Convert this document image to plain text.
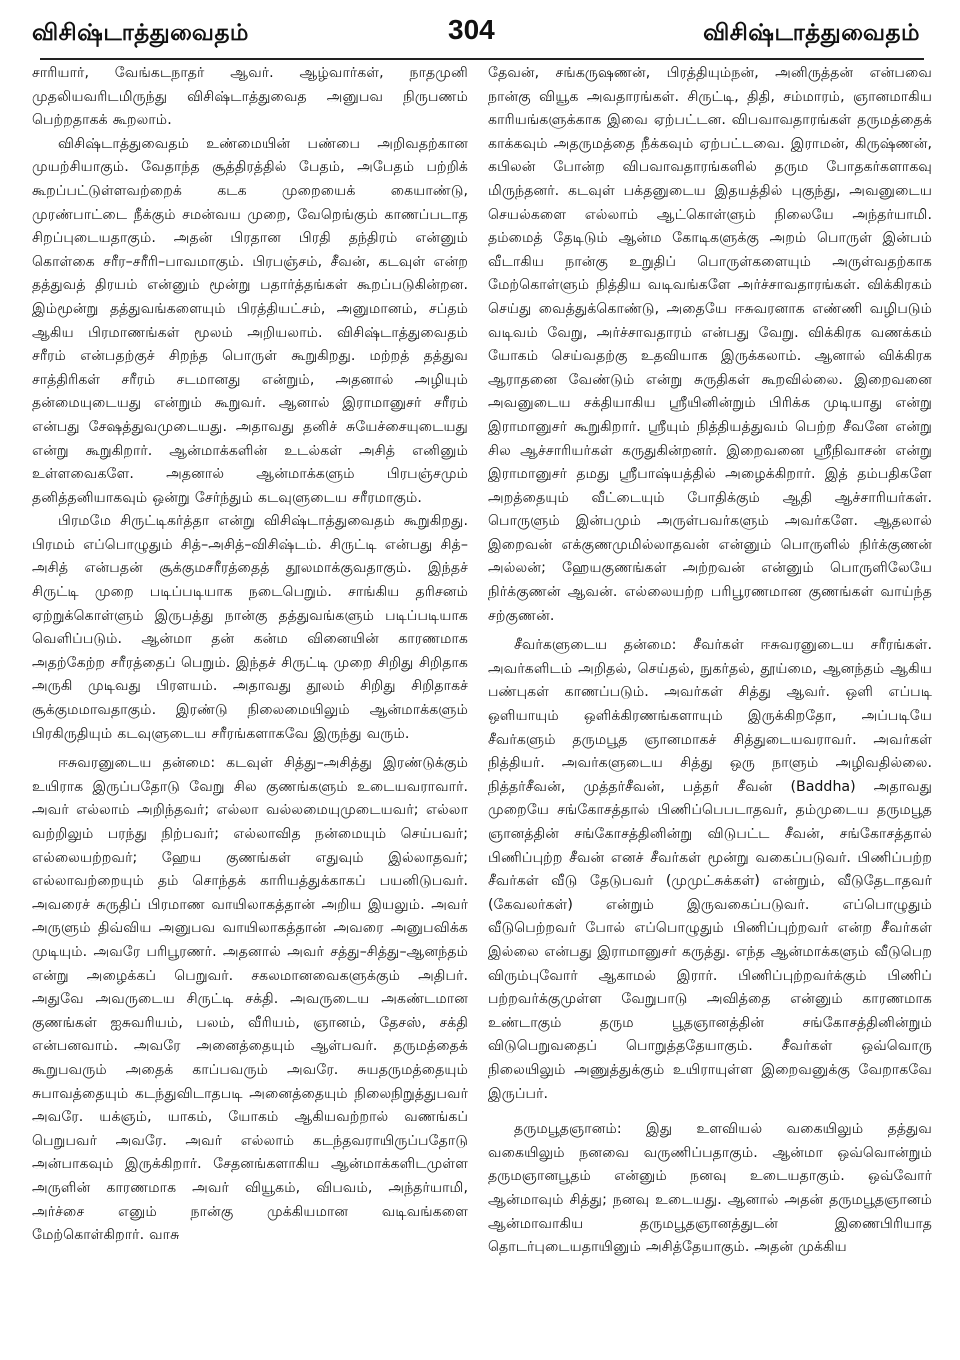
விசிஷ்டாத்துவைதம்	304	விசிஷ்டாத்துவைதம்

சாரியார், வேங்கடநாதர் ஆவர். ஆழ்வார்கள், நாதமுனி முதலியவரிடமிருந்து விசிஷ்டாத்துவைத அனுபவ நிருபணம் பெற்றதாகக் கூறலாம்.

விசிஷ்டாத்துவைதம் உண்மையின் பண்பை அறிவதற்கான முயற்சியாகும். வேதாந்த சூத்திரத்தில் பேதம், அபேதம் பற்றிக் கூறப்பட்டுள்ளவற்றைக் கடக முறையைக் கையாண்டு, முரண்பாட்டை நீக்கும் சமன்வய முறை, வேறெங்கும் காணப்படாத சிறப்புடையதாகும். அதன் பிரதான பிரதி தந்திரம் என்னும் கொள்கை சரீர–சரீரி–பாவமாகும். பிரபஞ்சம், சீவன், கடவுள் என்ற தத்துவத் திரயம் என்னும் மூன்று பதார்த்தங்கள் கூறப்படுகின்றன. இம்மூன்று தத்துவங்களையும் பிரத்தியட்சம், அனுமானம், சப்தம் ஆகிய பிரமாணங்கள் மூலம் அறியலாம். விசிஷ்டாத்துவைதம் சரீரம் என்பதற்குச் சிறந்த பொருள் கூறுகிறது. மற்றத் தத்துவ சாத்திரிகள் சரீரம் சடமானது என்றும், அதனால் அழியும் தன்மையுடையது என்றும் கூறுவர். ஆனால் இராமானுசர் சரீரம் என்பது சேஷத்துவமுடையது. அதாவது தனிச் சுயேச்சையுடையது என்று கூறுகிறார். ஆன்மாக்களின் உடல்கள் அசித் எனினும் உள்ளவைகளே. அதனால் ஆன்மாக்களும் பிரபஞ்சமும் தனித்தனியாகவும் ஒன்று சேர்ந்தும் கடவுளுடைய சரீரமாகும்.

பிரமமே சிருட்டிகர்த்தா என்று விசிஷ்டாத்துவைதம் கூறுகிறது. பிரமம் எப்பொழுதும் சித்–அசித்–விசிஷ்டம். சிருட்டி என்பது சித்–அசித் என்பதன் சூக்குமசரீரத்தைத் தூலமாக்குவதாகும். இந்தச் சிருட்டி முறை படிப்படியாக நடைபெறும். சாங்கிய தரிசனம் ஏற்றுக்கொள்ளும் இருபத்து நான்கு தத்துவங்களும் படிப்படியாக வெளிப்படும். ஆன்மா தன் கன்ம வினையின் காரணமாக அதற்கேற்ற சரீரத்தைப் பெறும். இந்தச் சிருட்டி முறை சிறிது சிறிதாக அருகி முடிவது பிரளயம். அதாவது தூலம் சிறிது சிறிதாகச் சூக்குமமாவதாகும். இரண்டு நிலைமையிலும் ஆன்மாக்களும் பிரகிருதியும் கடவுளுடைய சரீரங்களாகவே இருந்து வரும்.

ஈசுவரனுடைய தன்மை: கடவுள் சித்து–அசித்து இரண்டுக்கும் உயிராக இருப்பதோடு வேறு சில குணங்களும் உடையவராவார். அவர் எல்லாம் அறிந்தவர்; எல்லா வல்லமையுமுடையவர்; எல்லா வற்றிலும் பரந்து நிற்பவர்; எல்லாவித நன்மையும் செய்பவர்; எல்லையற்றவர்; ஹேய குணங்கள் எதுவும் இல்லாதவர்; எல்லாவற்றையும் தம் சொந்தக் காரியத்துக்காகப் பயனிடுபவர். அவரைச் சுருதிப் பிரமாண வாயிலாகத்தான் அறிய இயலும். அவர் அருளும் திவ்விய அனுபவ வாயிலாகத்தான் அவரை அனுபவிக்க முடியும். அவரே பரிபூரணர். அதனால் அவர் சத்து–சித்து–ஆனந்தம் என்று அழைக்கப் பெறுவர். சகலமானவைகளுக்கும் அதிபர். அதுவே அவருடைய சிருட்டி சக்தி. அவருடைய அகண்டமான குணங்கள் ஐசுவரியம், பலம், வீரியம், ஞானம், தேசஸ், சக்தி என்பனவாம். அவரே அனைத்தையும் ஆள்பவர். தருமத்தைக் கூறுபவரும் அதைக் காப்பவரும் அவரே. சுயதருமத்தையும் சுபாவத்தையும் கடந்துவிடாதபடி அனைத்தையும் நிலைநிறுத்துபவர் அவரே. யக்ஞம், யாகம், யோகம் ஆகியவற்றால் வணங்கப் பெறுபவர் அவரே. அவர் எல்லாம் கடந்தவராயிருப்பதோடு அன்பாகவும் இருக்கிறார். சேதனங்களாகிய ஆன்மாக்களிடமுள்ள அருளின் காரணமாக அவர் வியூகம், விபவம், அந்தர்யாமி, அர்ச்சை எனும் நான்கு முக்கியமான வடிவங்களை மேற்கொள்கிறார். வாசு

தேவன், சங்கருஷணன், பிரத்தியும்நன், அனிருத்தன் என்பவை நான்கு வியூக அவதாரங்கள். சிருட்டி, திதி, சம்மாரம், ஞானமாகிய காரியங்களுக்காக இவை ஏற்பட்டன. விபவாவதாரங்கள் தருமத்தைக் காக்கவும் அதருமத்தை நீக்கவும் ஏற்பட்டவை. இராமன், கிருஷ்ணன், கபிலன் போன்ற விபவாவதாரங்களில் தரும போதகர்களாகவு மிருந்தனர். கடவுள் பக்தனுடைய இதயத்தில் புகுந்து, அவனுடைய செயல்களை எல்லாம் ஆட்கொள்ளும் நிலையே அந்தர்யாமி. தம்மைத் தேடிடும் ஆன்ம கோடிகளுக்கு அறம் பொருள் இன்பம் வீடாகிய நான்கு உறுதிப் பொருள்களையும் அருள்வதற்காக மேற்கொள்ளும் நித்திய வடிவங்களே அர்ச்சாவதாரங்கள். விக்கிரகம் செய்து வைத்துக்கொண்டு, அதையே ஈசுவரனாக எண்ணி வழிபடும் வடிவம் வேறு, அர்ச்சாவதாரம் என்பது வேறு. விக்கிரக வணக்கம் யோகம் செய்வதற்கு உதவியாக இருக்கலாம். ஆனால் விக்கிரக ஆராதனை வேண்டும் என்று சுருதிகள் கூறவில்லை. இறைவனை அவனுடைய சக்தியாகிய ஸ்ரீயினின்றும் பிரிக்க முடியாது என்று இராமானுசர் கூறுகிறார். ஸ்ரீயும் நித்தியத்துவம் பெற்ற சீவனே என்று சில ஆச்சாரியர்கள் கருதுகின்றனர். இறைவனை ஸ்ரீநிவாசன் என்று இராமானுசர் தமது ஸ்ரீபாஷ்யத்தில் அழைக்கிறார். இத் தம்பதிகளே அறத்தையும் வீட்டையும் போதிக்கும் ஆதி ஆச்சாரியர்கள். பொருளும் இன்பமும் அருள்பவர்களும் அவர்களே. ஆதலால் இறைவன் எக்குணமுமில்லாதவன் என்னும் பொருளில் நிர்க்குணன் அல்லன்; ஹேயகுணங்கள் அற்றவன் என்னும் பொருளிலேயே நிர்க்குணன் ஆவன். எல்லையற்ற பரிபூரணமான குணங்கள் வாய்ந்த சற்குணன்.

சீவர்களுடைய தன்மை: சீவர்கள் ஈசுவரனுடைய சரீரங்கள். அவர்களிடம் அறிதல், செய்தல், நுகர்தல், தூய்மை, ஆனந்தம் ஆகிய பண்புகள் காணப்படும். அவர்கள் சித்து ஆவர். ஒளி எப்படி ஒளியாயும் ஒளிக்கிரணங்களாயும் இருக்கிறதோ, அப்படியே சீவர்களும் தருமபூத ஞானமாகச் சித்துடையவராவர். அவர்கள் நித்தியர். அவர்களுடைய சித்து ஒரு நாளும் அழிவதில்லை. நித்தர்சீவன், முத்தர்சீவன், பத்தர் சீவன் (Baddha) அதாவது முறையே சங்கோசத்தால் பிணிப்பெபடாதவர், தம்முடைய தருமபூத ஞானத்தின் சங்கோசத்தினின்று விடுபட்ட சீவன், சங்கோசத்தால் பிணிப்புற்ற சீவன் எனச் சீவர்கள் மூன்று வகைப்படுவர். பிணிப்பற்ற சீவர்கள் வீடு தேடுபவர் (முமுட்சுக்கள்) என்றும், வீடுதேடாதவர் (கேவலர்கள்) என்றும் இருவகைப்படுவர். எப்பொழுதும் வீடுபெற்றவர் போல் எப்பொழுதும் பிணிப்புற்றவர் என்ற சீவர்கள் இல்லை என்பது இராமானுசர் கருத்து. எந்த ஆன்மாக்களும் வீடுபெற விரும்புவோர் ஆகாமல் இரார். பிணிப்புற்றவர்க்கும் பிணிப் பற்றவர்க்குமுள்ள வேறுபாடு அவித்தை என்னும் காரணமாக உண்டாகும் தரும பூதஞானத்தின் சங்கோசத்தினின்றும் விடுபெறுவதைப் பொறுத்ததேயாகும். சீவர்கள் ஒவ்வொரு நிலையிலும் அணுத்துக்கும் உயிராயுள்ள இறைவனுக்கு வேறாகவே இருப்பர்.

தருமபூதஞானம்: இது உளவியல் வகையிலும் தத்துவ வகையிலும் நனவை வருணிப்பதாகும். ஆன்மா ஒவ்வொன்றும் தருமஞானபூதம் என்னும் நனவு உடையதாகும். ஒவ்வோர் ஆன்மாவும் சித்து; நனவு உடையது. ஆனால் அதன் தருமபூதஞானம் ஆன்மாவாகிய தருமபூதஞானத்துடன் இணைபிரியாத தொடர்புடையதாயினும் அசித்தேயாகும். அதன் முக்கிய
